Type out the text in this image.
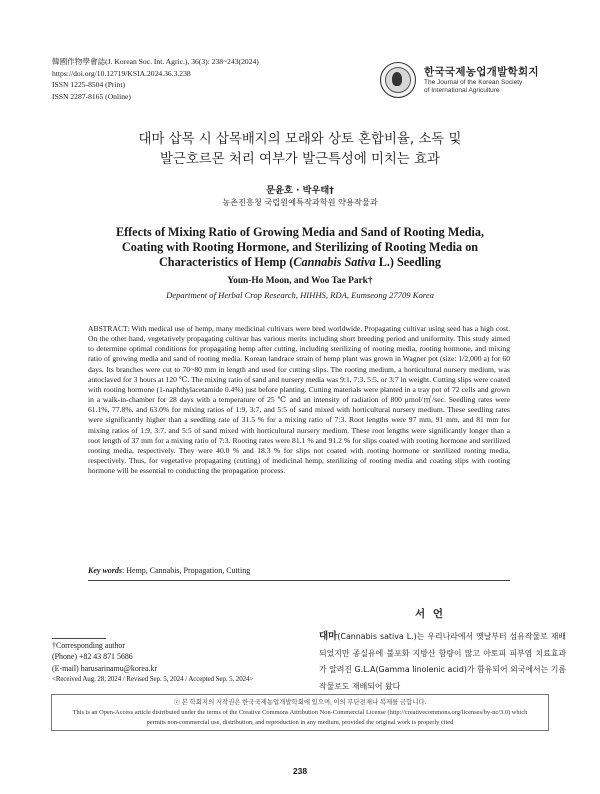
韓國作物學會誌(J. Korean Soc. Int. Agric.), 36(3): 238~243(2024)
https://doi.org/10.12719/KSIA.2024.36.3.238
ISSN 1225-8504 (Print)
ISSN 2287-8165 (Online)
한국국제농업개발학회지
The Journal of the Korean Society
of International Agriculture
대마 삽목 시 삽목배지의 모래와 상토 혼합비율, 소독 및
발근호르몬 처리 여부가 발근특성에 미치는 효과
문윤호 · 박우태†
농촌진흥청 국립원예특작과학원 약용작물과
Effects of Mixing Ratio of Growing Media and Sand of Rooting Media,
Coating with Rooting Hormone, and Sterilizing of Rooting Media on
Characteristics of Hemp (Cannabis Sativa L.) Seedling
Youn-Ho Moon, and Woo Tae Park†
Department of Herbal Crop Research, HIHHS, RDA, Eumseong 27709 Korea
ABSTRACT: With medical use of hemp, many medicinal cultivars were bred worldwide. Propagating cultivar using seed has a high cost. On the other hand, vegetatively propagating cultivar has various merits including short breeding period and uniformity. This study aimed to determine optimal conditions for propagating hemp after cutting, including sterilizing of rooting media, rooting hormone, and mixing ratio of growing media and sand of rooting media. Korean landrace strain of hemp plant was grown in Wagner pot (size: 1/2,000 a) for 60 days. Its branches were cut to 70~80 mm in length and used for cutting slips. The rooting medium, a horticultural nursery medium, was autoclaved for 3 hours at 120 ℃. The mixing ratio of sand and nursery media was 9:1, 7:3, 5:5, or 3:7 in weight. Cutting slips were coated with rooting hormone (1-naphthylacetamide 0.4%) just before planting. Cutting materials were planted in a tray pot of 72 cells and grown in a walk-in-chamber for 28 days with a temperature of 25 ℃ and an intensity of radiation of 800 μmol/㎡/sec. Seedling rates were 61.1%, 77.8%, and 63.0% for mixing ratios of 1:9, 3:7, and 5:5 of sand mixed with horticultural nursery medium. These seedling rates were significantly higher than a seedling rate of 31.5 % for a mixing ratio of 7:3. Root lengths were 97 mm, 91 mm, and 81 mm for mixing ratios of 1:9, 3:7, and 5:5 of sand mixed with horticultural nursery medium. These root lengths were significantly longer than a root length of 37 mm for a mixing ratio of 7:3. Rooting rates were 81.1 % and 91.2 % for slips coated with rooting hormone and sterilized rooting media, respectively. They were 40.0 % and 18.3 % for slips not coated with rooting hormone or sterilized rooting media, respectively. Thus, for vegetative propagating (cutting) of medicinal hemp, sterilizing of rooting media and coating slips with rooting hormone will be essential to conducting the propagation process.
Key words: Hemp, Cannabis, Propagation, Cutting
서 언
대마(Cannabis sativa L.)는 우리나라에서 옛날부터 섬유작물로 재배되었지만 종실유에 불포화 지방산 함량이 많고 아토피 피부염 치료효과가 알려진 G.L.A(Gamma linolenic acid)가 함유되어 외국에서는 기름작물로도 재배되어 왔다
†Corresponding author
(Phone) +82 43 871 5686
(E-mail) harusarinamu@korea.kr
<Received Aug. 28, 2024 / Revised Sep. 5, 2024 / Accepted Sep. 5, 2024>
ⓒ 본 학회지의 저작권은 한국국제농업개발학회에 있으며, 이의 무단전재나 복제를 금합니다.
This is an Open-Access article distributed under the terms of the Creative Commons Attribution Non-Commercial License (http://creativecommons.org/licenses/by-nc/3.0) which
permits non-commercial use, distribution, and reproduction in any medium, provided the original work is properly cited
238
